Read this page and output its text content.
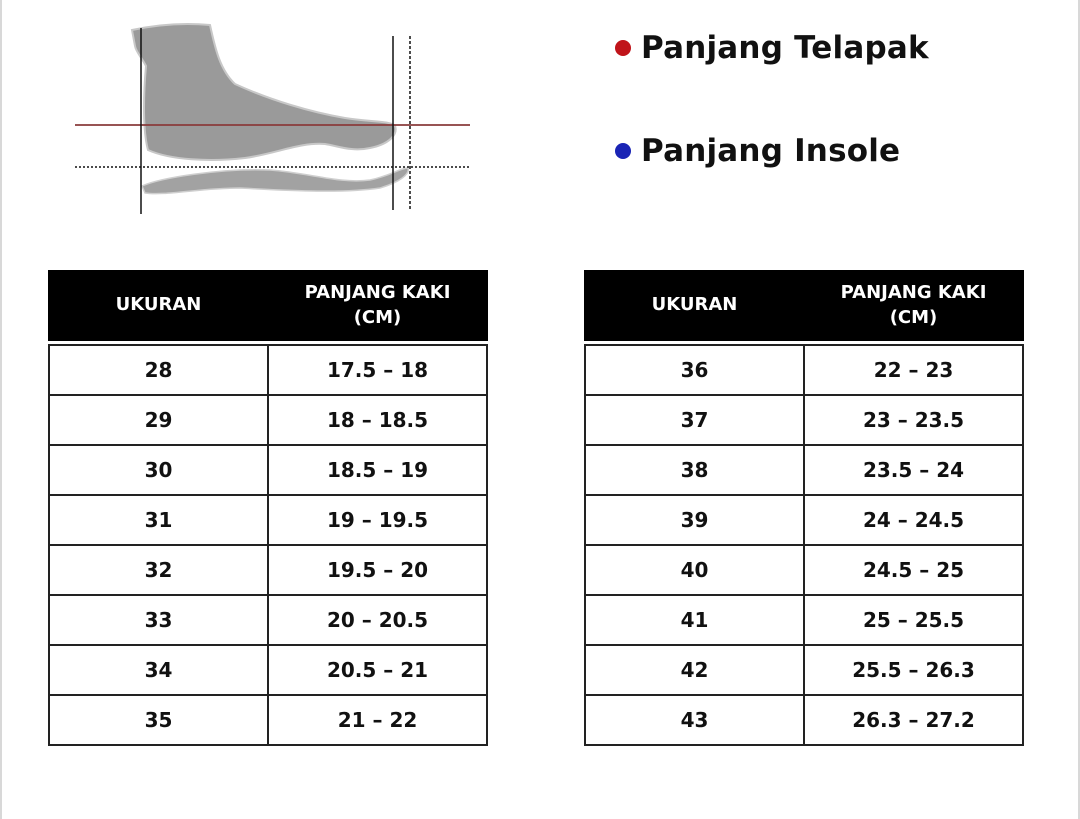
Panjang Telapak
Panjang Insole
UKURAN	PANJANG KAKI
(CM)

28	17.5 – 18
29	18 – 18.5
30	18.5 – 19
31	19 – 19.5
32	19.5 – 20
33	20 – 20.5
34	20.5 – 21
35	21 – 22
UKURAN	PANJANG KAKI
(CM)

36	22 – 23
37	23 – 23.5
38	23.5 – 24
39	24 – 24.5
40	24.5 – 25
41	25 – 25.5
42	25.5 – 26.3
43	26.3 – 27.2
